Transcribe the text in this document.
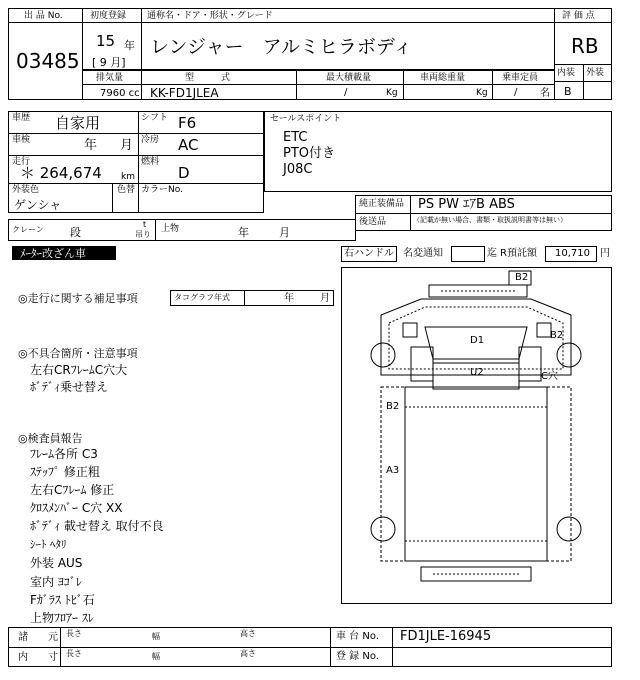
出 品 No.
03485
初度登録
15 年
[ 9 月]
通称名・ドア・形状・グレード
レンジャー　アルミヒラボディ
評 価 点
RB
内装 外装
B
排気量	型　　　式	最大積載量	車両総重量	乗車定員
7960 cc KK-FD1JLEA	/	Kg	Kg	/ 名
車歴 自家用	シフト F6
車検	年 月 冷房 AC
走行
＊ 264,674 km
燃料
D
外装色
ゲンシャ
色替 カラーNo.
セールスポイント
ETC
PTO付き
J08C
純正装備品 PS PW ｴｱB ABS
後送品	（記載が無い場合、書類・取扱説明書等は無い）
クレーン 段
t
吊り
上物	年	月
ﾒｰﾀｰ改ざん車	右ハンドル 名変通知	迄 R預託額 10,710 円
◎走行に関する補足事項	タコグラフ年式	年	月
◎不具合箇所・注意事項
左右CRﾌﾚｰﾑC穴大
ﾎﾞﾃﾞｨ乗せ替え
◎検査員報告
ﾌﾚｰﾑ各所 C3
ｽﾃｯﾌﾟ 修正粗
左右Cﾌﾚｰﾑ 修正
ｸﾛｽﾒﾝﾊﾞｰ C穴 XX
ﾎﾞﾃﾞｨ 載せ替え 取付不良
ｼｰﾄ ﾍﾀﾘ
外装 AUS
室内 ﾖｺﾞﾚ
Fｶﾞﾗｽ ﾄﾋﾞ石
上物ﾌﾛｱｰ ｽﾚ
B2
B2
D1
U2	C穴
B2
A3
諸　　元 長さ	幅	高さ
内　　寸 長さ	幅	高さ
車 台 No. FD1JLE-16945
登 録 No.
